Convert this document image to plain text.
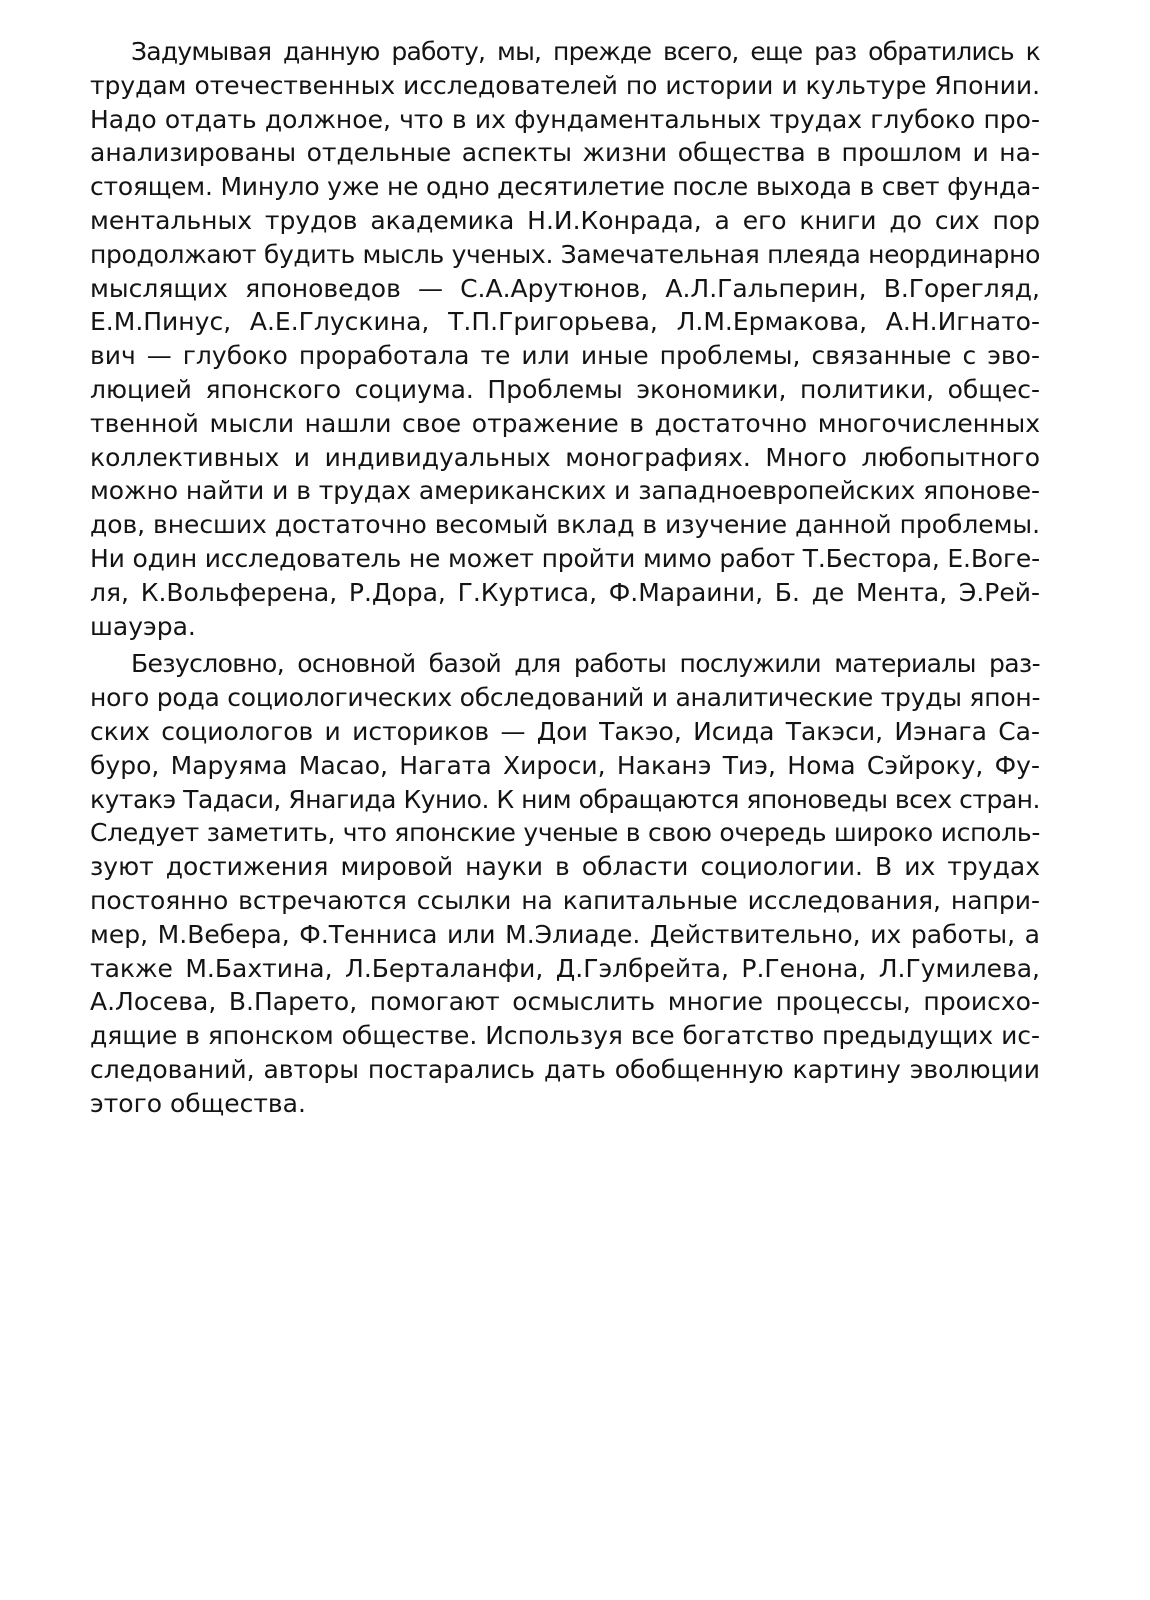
Задумывая данную работу, мы, прежде всего, еще раз обратились к
трудам отечественных исследователей по истории и культуре Японии.
Надо отдать должное, что в их фундаментальных трудах глубоко про-
анализированы отдельные аспекты жизни общества в прошлом и на-
стоящем. Минуло уже не одно десятилетие после выхода в свет фунда-
ментальных трудов академика Н.И.Конрада, а его книги до сих пор
продолжают будить мысль ученых. Замечательная плеяда неординарно
мыслящих японоведов — С.А.Арутюнов, А.Л.Гальперин, В.Горегляд,
Е.М.Пинус, А.Е.Глускина, Т.П.Григорьева, Л.М.Ермакова, А.Н.Игнато-
вич — глубоко проработала те или иные проблемы, связанные с эво-
люцией японского социума. Проблемы экономики, политики, общес-
твенной мысли нашли свое отражение в достаточно многочисленных
коллективных и индивидуальных монографиях. Много любопытного
можно найти и в трудах американских и западноевропейских японове-
дов, внесших достаточно весомый вклад в изучение данной проблемы.
Ни один исследователь не может пройти мимо работ Т.Бестора, Е.Воге-
ля, К.Вольферена, Р.Дора, Г.Куртиса, Ф.Мараини, Б. де Мента, Э.Рей-
шауэра.
Безусловно, основной базой для работы послужили материалы раз-
ного рода социологических обследований и аналитические труды япон-
ских социологов и историков — Дои Такэо, Исида Такэси, Иэнага Са-
буро, Маруяма Масао, Нагата Хироси, Наканэ Тиэ, Нома Сэйроку, Фу-
кутакэ Тадаси, Янагида Кунио. К ним обращаются японоведы всех стран.
Следует заметить, что японские ученые в свою очередь широко исполь-
зуют достижения мировой науки в области социологии. В их трудах
постоянно встречаются ссылки на капитальные исследования, напри-
мер, М.Вебера, Ф.Тенниса или М.Элиаде. Действительно, их работы, а
также М.Бахтина, Л.Берталанфи, Д.Гэлбрейта, Р.Генона, Л.Гумилева,
А.Лосева, В.Парето, помогают осмыслить многие процессы, происхо-
дящие в японском обществе. Используя все богатство предыдущих ис-
следований, авторы постарались дать обобщенную картину эволюции
этого общества.
